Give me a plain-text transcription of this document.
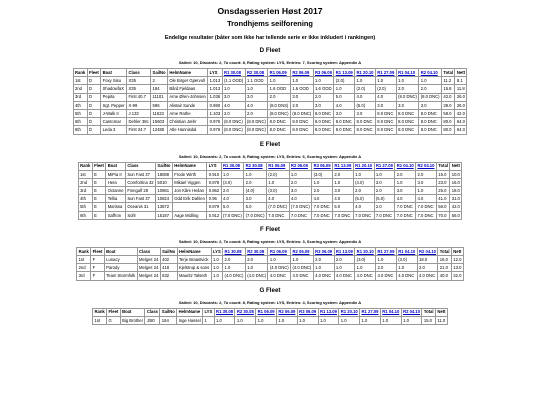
Onsdagsserien Høst 2017
Trondhjems seilforening
Endelige resultater (båter som ikke har tellende serie er ikke inkludert i rankingen)
D Fleet
Sailed: 10, Discards: 2, To count: 8, Rating system: LYS, Entries: 7, Scoring system: Appendix A
Rank	Fleet	Boat	Class	SailNo	HelmName	LYS	R1 30.08	R2 30.08	R1 06.09	R2 06.09	R3 06.09	R1 13.09	R1 20.10	R1 27.09	R1 04.10	R2 04.10	Total	Nett
1st	D	Foxy Sisu	X35	2	Ole Birger Gjærvoll	1.013	(1.1 OOD)	1.1 OOD	1.0	1.0	1.0	(2.0)	1.0	1.0	1.0	1.0	11.2	8.1
2nd	D	ShadowfaX	X35	184	Bård Fjeldaas	1.013	1.0	1.0	1.6 OOD	1.6 OOD	1.6 OOD	1.0	(2.0)	(2.0)	2.0	2.0	15.8	11.8
3rd	D	Pepita	First 40.7	11101	Arne Øren-Johnsen	1.036	3.0	3.0	2.0	3.0	2.0	5.0	4.0	4.0	(8.0 DNC)	(8.0 DNC)	42.0	26.0
4th	D	Sgt. Pepper	X-99	596	Alistair Sunde	0.980	4.0	4.0	(8.0 DNS)	2.0	3.0	4.0	(5.0)	3.0	3.0	3.0	39.0	26.0
5th	D	J-Walk II	J 133	11623	Arne Rathe	1.103	2.0	2.0	(8.0 DNC)	(8.0 DNC)	8.0 DNC	3.0	3.0	8.0 DNC	8.0 DNC	8.0 DNC	58.0	42.0
6th	D	Cantomar	Dehler 38c	15603	Christian Jæhr	0.976	(8.0 DNC)	(8.0 DNC)	8.0 DNC	8.0 DNC	8.0 DNC	8.0 DNC	8.0 DNC	8.0 DNC	8.0 DNC	8.0 DNC	80.0	64.0
6th	D	Leda 3	First 34.7	12485	Atle Hannisdal	0.976	(8.0 DNC)	(8.0 DNC)	8.0 DNC	8.0 DNC	8.0 DNC	8.0 DNC	8.0 DNC	8.0 DNC	8.0 DNC	8.0 DNC	80.0	64.0
E Fleet
Sailed: 10, Discards: 2, To count: 8, Rating system: LYS, Entries: 6, Scoring system: Appendix A
Rank	Fleet	Boat	Class	SailNo	HelmName	LYS	R1 30.08	R2 30.08	R1 06.09	R2 06.09	R3 06.09	R1 13.09	R1 20.10	R1 27.09	R1 04.10	R2 04.10	Total	Nett
1st	E	MiPia II	Sun Fast 37	18088	Frode Wirth	0.910	1.0	1.0	(2.0)	1.0	(3.0)	2.0	1.0	1.0	2.0	2.0	15.0	10.0
2nd	E	Hera	Comfortina 32	5010	Mikael Viggen	0.878	(3.0)	2.0	1.0	2.0	1.0	1.0	(4.0)	3.0	1.0	3.0	23.0	16.0
3rd	E	Octanne	Finngulf 28	10861	Jon Kåre Heilan	0.862	2.0	(4.0)	(3.0)	3.0	2.0	3.0	2.0	2.0	3.0	1.0	25.0	18.0
4th	E	Tellia	Sun Fast 37	10824	Odd Erik Dahlen	0.95	4.0	3.0	4.0	4.0	4.0	4.0	(5.0)	(5.0)	4.0	4.0	41.0	31.0
5th	E	Marissa	Oceanis 31	13872		0.879	5.0	5.0	(7.0 DNC)	(7.0 DNC)	7.0 DNC	5.0	4.0	2.0	7.0 DNC	7.0 DNC	56.0	42.0
6th	E	Saffron	Sofir	15187	Aage Midling	0.912	(7.0 DNC)	(7.0 DNC)	7.0 DNC	7.0 DNC	7.0 DNC	7.0 DNC	7.0 DNC	7.0 DNC	7.0 DNC	7.0 DNC	70.0	56.0
F Fleet
Sailed: 10, Discards: 2, To count: 8, Rating system: LYS, Entries: 3, Scoring system: Appendix A
Rank	Fleet	Boat	Class	SailNo	HelmName	LYS	R1 30.08	R2 30.08	R1 06.09	R2 06.09	R3 06.09	R1 13.09	R1 20.10	R1 27.09	R1 04.10	R2 04.10	Total	Nett
1st	F	Lunacy	Melges 24	402	Terje Braastvick	1.0	2.0	2.0	1.0	1.0	2.0	2.0	(3.0)	1.0	(3.0)	18.0	18.0	12.0
2nd	F	Parody	Melges 24	418	Kjelstrup & sons	1.0	1.0	1.0	(4.0 DNC)	(4.0 DNC)	1.0	1.0	1.0	2.0	1.0	2.0	21.0	13.0
3rd	F	Team Stormfolk	Melges 24	632	Mauritz Talseth	1.0	(4.0 DNC)	(4.0 DNC)	4.0 DNC	4.0 DNC	4.0 DNC	4.0 DNC	4.0 DNC	4.0 DNC	4.0 DNC	4.0 DNC	40.0	32.0
G Fleet
Sailed: 10, Discards: 2, To count: 8, Rating system: LYS, Entries: 4, Scoring system: Appendix A
Rank	Fleet	Boat	Class	SailNo	HelmName	LYS	R1 30.08	R2 30.08	R1 06.09	R2 06.09	R3 06.09	R1 13.09	R1 20.10	R1 27.09	R1 04.10	R2 04.10	Total	Nett
1st	G	Big Brother	J/80	164	Inge Hassel	1	1.0	1.0	1.0	1.0	1.0	1.0	1.0	1.0	1.0	1.0	15.0	11.0
